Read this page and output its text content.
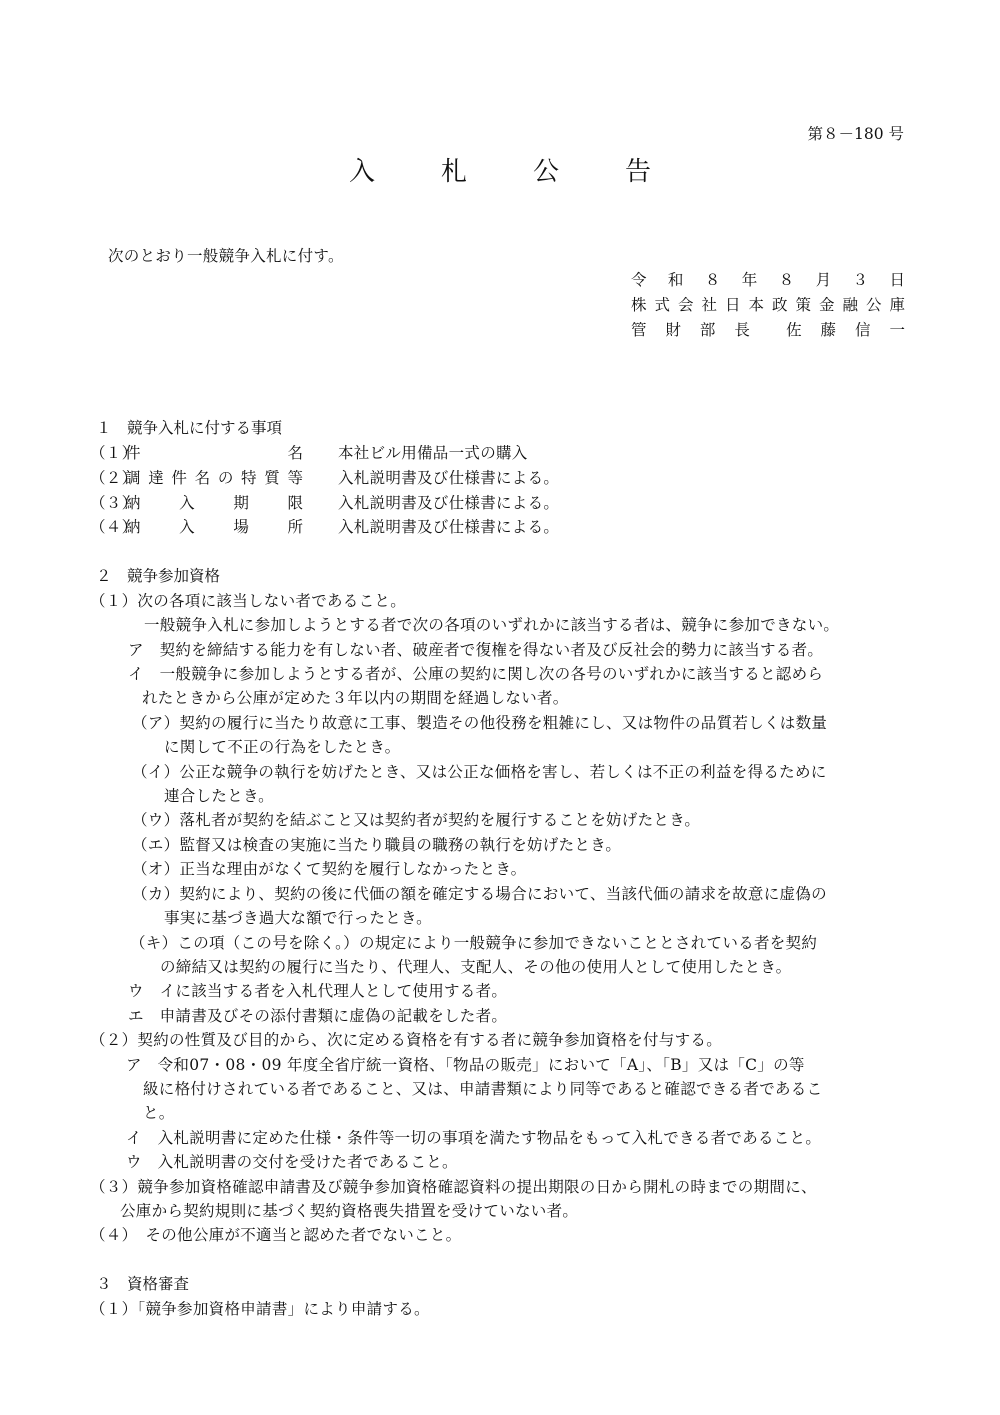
第８－180 号
入　札　公　告
次のとおり一般競争入札に付す。
令　和　８　年　８　月　３　日
株式会社日本政策金融公庫
管　財　部　長　　佐　藤　信　一
１　競争入札に付する事項
（１）
件　　　　　　　名 本社ビル用備品一式の購入
（２）
調達件名の特質等 入札説明書及び仕様書による。
（３）
納　　入　　期　　限 入札説明書及び仕様書による。
（４）
納　　入　　場　　所 入札説明書及び仕様書による。
２　競争参加資格
（１）次の各項に該当しない者であること。
一般競争入札に参加しようとする者で次の各項のいずれかに該当する者は、競争に参加できない。
ア　契約を締結する能力を有しない者、破産者で復権を得ない者及び反社会的勢力に該当する者。
イ　一般競争に参加しようとする者が、公庫の契約に関し次の各号のいずれかに該当すると認めら
れたときから公庫が定めた３年以内の期間を経過しない者。
（ア）契約の履行に当たり故意に工事、製造その他役務を粗雑にし、又は物件の品質若しくは数量
に関して不正の行為をしたとき。
（イ）公正な競争の執行を妨げたとき、又は公正な価格を害し、若しくは不正の利益を得るために
連合したとき。
（ウ）落札者が契約を結ぶこと又は契約者が契約を履行することを妨げたとき。
（エ）監督又は検査の実施に当たり職員の職務の執行を妨げたとき。
（オ）正当な理由がなくて契約を履行しなかったとき。
（カ）契約により、契約の後に代価の額を確定する場合において、当該代価の請求を故意に虚偽の
事実に基づき過大な額で行ったとき。
（キ）この項（この号を除く。）の規定により一般競争に参加できないこととされている者を契約
の締結又は契約の履行に当たり、代理人、支配人、その他の使用人として使用したとき。
ウ　イに該当する者を入札代理人として使用する者。
エ　申請書及びその添付書類に虚偽の記載をした者。
（２）契約の性質及び目的から、次に定める資格を有する者に競争参加資格を付与する。
ア　令和07・08・09 年度全省庁統一資格、「物品の販売」において「A」、「B」又は「C」の等
級に格付けされている者であること、又は、申請書類により同等であると確認できる者であるこ
と。
イ　入札説明書に定めた仕様・条件等一切の事項を満たす物品をもって入札できる者であること。
ウ　入札説明書の交付を受けた者であること。
（３）競争参加資格確認申請書及び競争参加資格確認資料の提出期限の日から開札の時までの期間に、
公庫から契約規則に基づく契約資格喪失措置を受けていない者。
（４）　その他公庫が不適当と認めた者でないこと。
３　資格審査
（１）「競争参加資格申請書」により申請する。
